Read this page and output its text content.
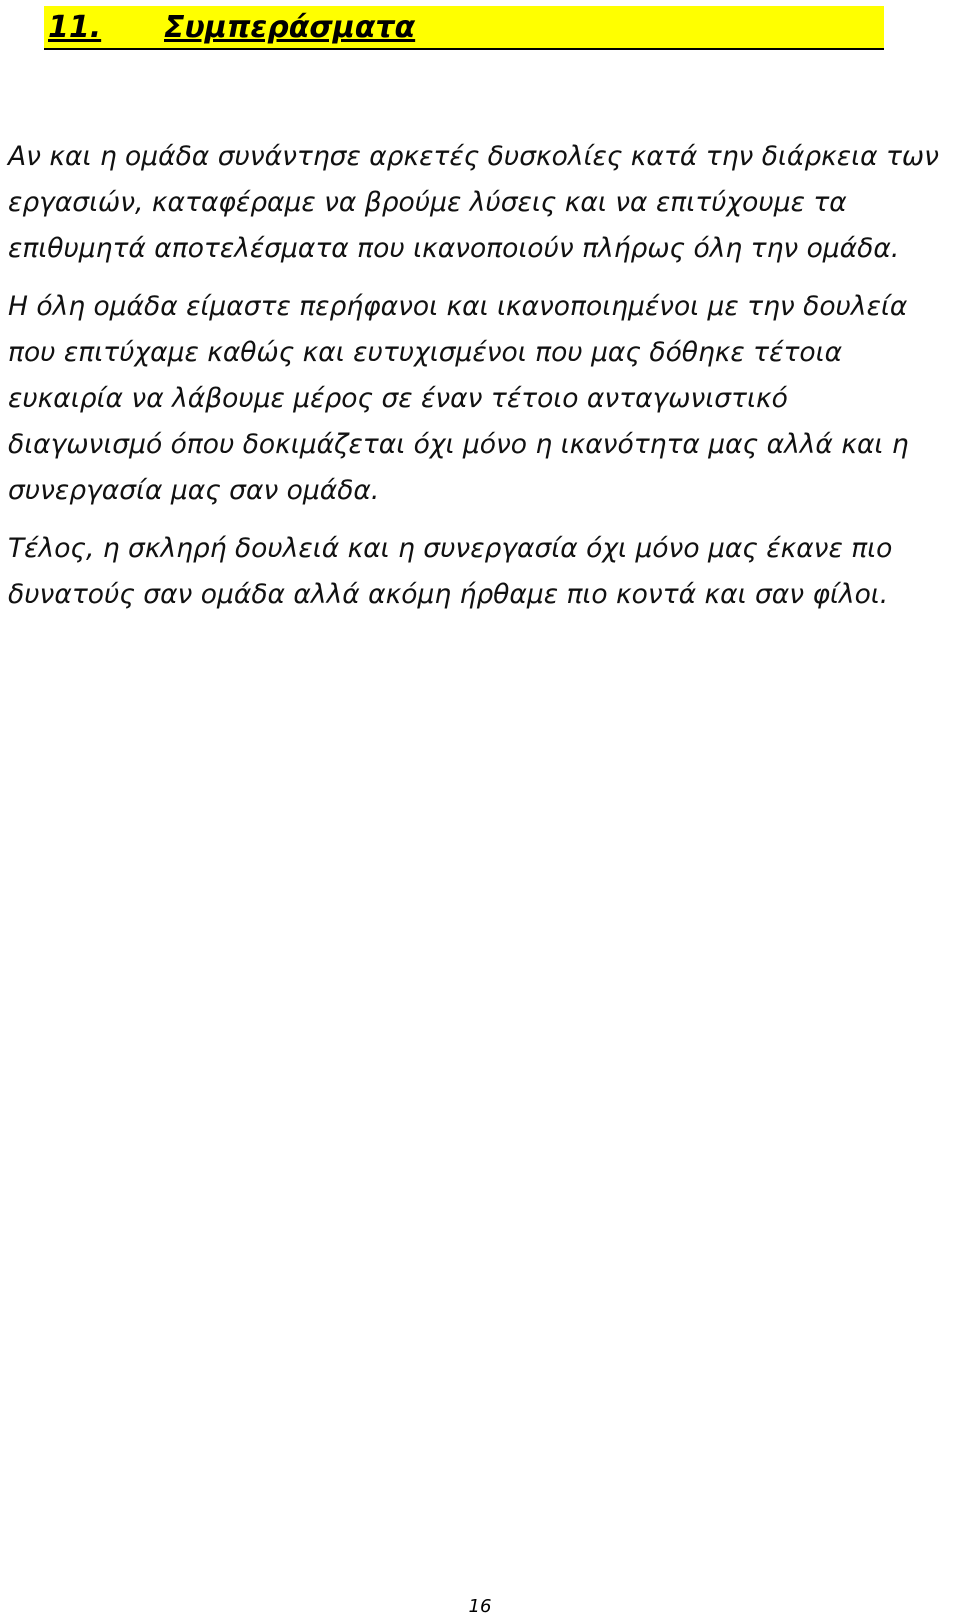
11. Συμπεράσματα

Αν και η ομάδα συνάντησε αρκετές δυσκολίες κατά την διάρκεια των εργασιών, καταφέραμε να βρούμε λύσεις και να επιτύχουμε τα επιθυμητά αποτελέσματα που ικανοποιούν πλήρως όλη την ομάδα.

Η όλη ομάδα είμαστε περήφανοι και ικανοποιημένοι με την δουλεία που επιτύχαμε καθώς και ευτυχισμένοι που μας δόθηκε τέτοια ευκαιρία να λάβουμε μέρος σε έναν τέτοιο ανταγωνιστικό διαγωνισμό όπου δοκιμάζεται όχι μόνο η ικανότητα μας αλλά και η συνεργασία μας σαν ομάδα.

Τέλος, η σκληρή δουλειά και η συνεργασία όχι μόνο μας έκανε πιο δυνατούς σαν ομάδα αλλά ακόμη ήρθαμε πιο κοντά και σαν φίλοι.

16
